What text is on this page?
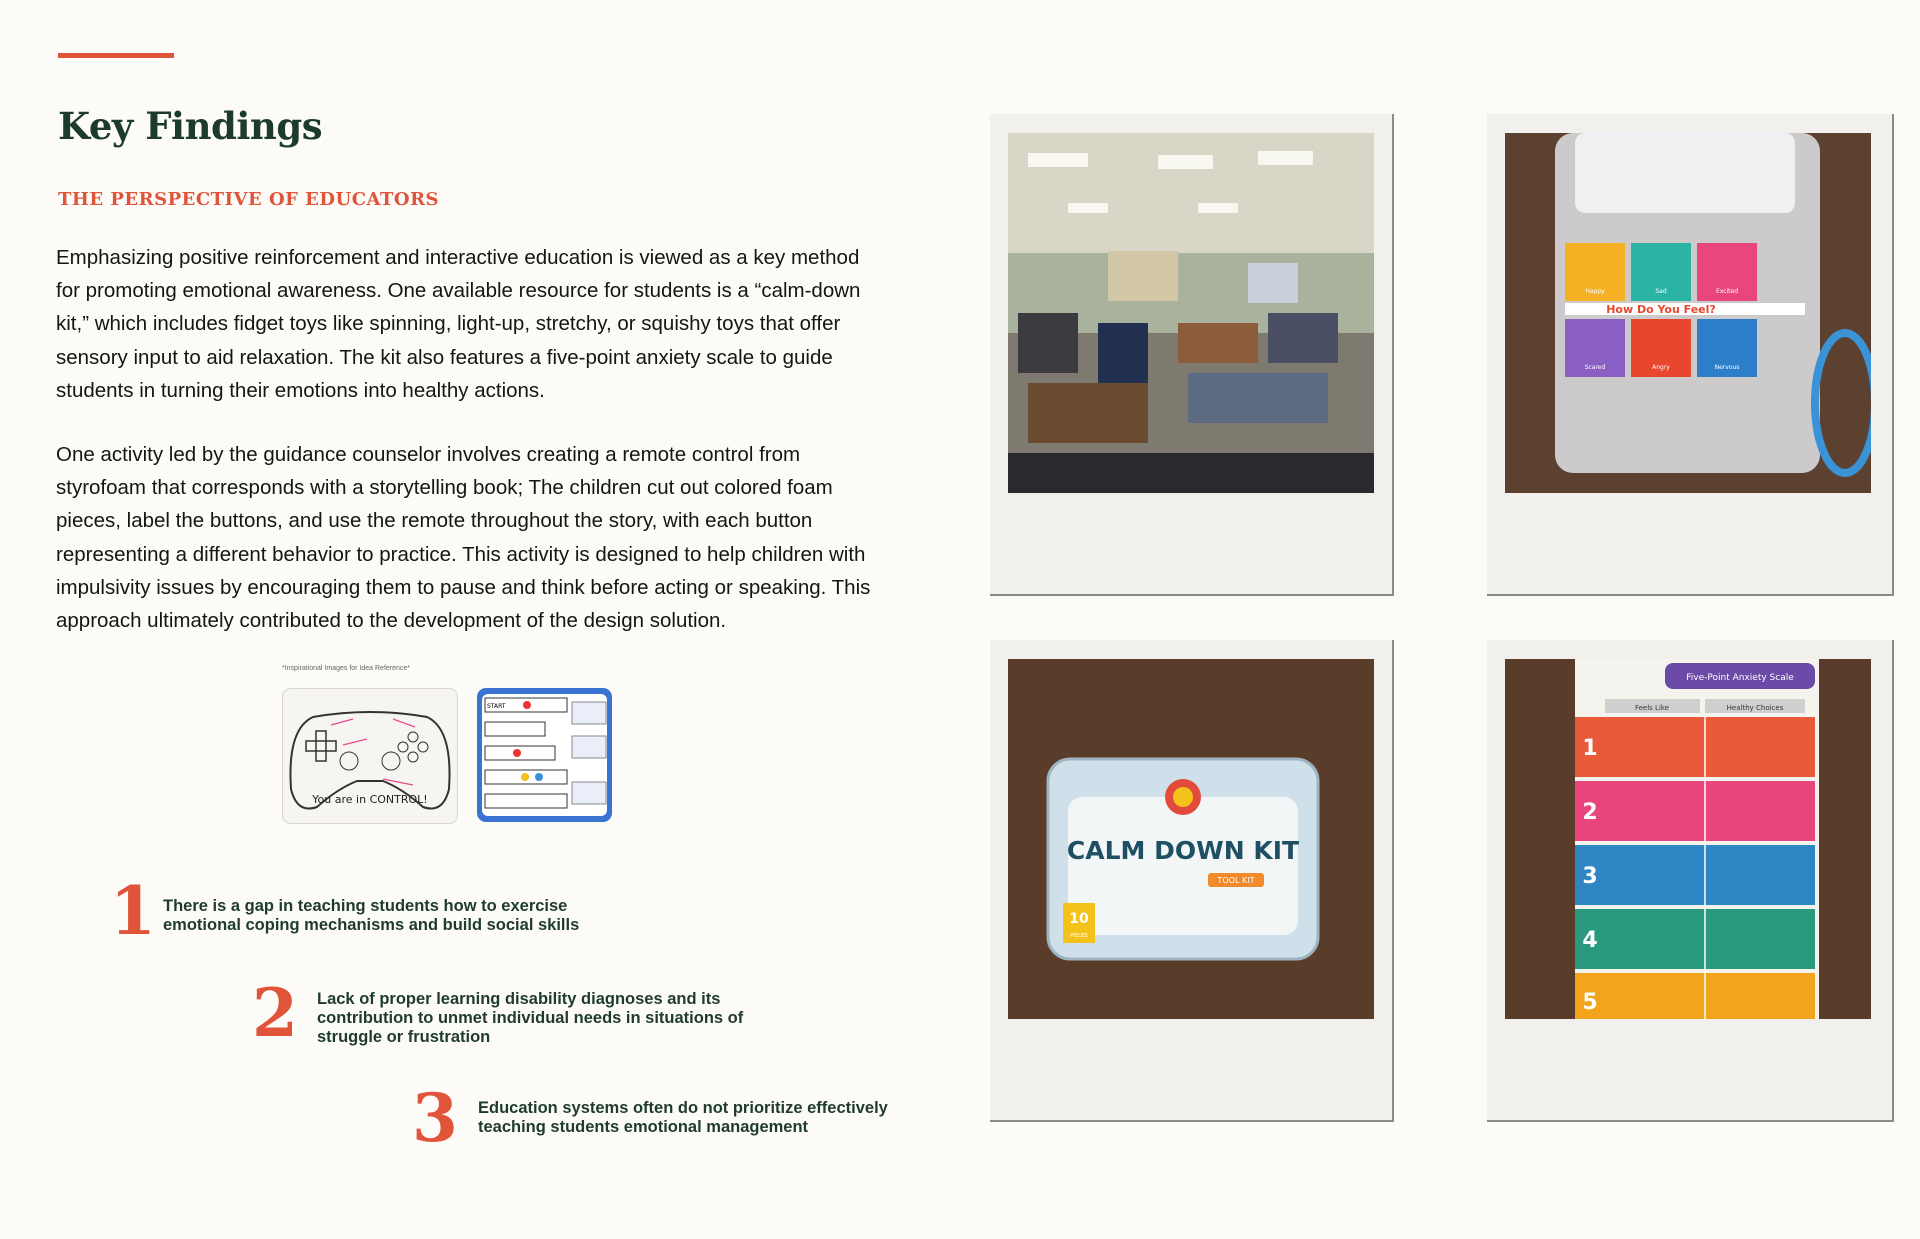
Key Findings
THE PERSPECTIVE OF EDUCATORS

Emphasizing positive reinforcement and interactive education is viewed as a key method for promoting emotional awareness. One available resource for students is a “calm-down kit,” which includes fidget toys like spinning, light-up, stretchy, or squishy toys that offer sensory input to aid relaxation. The kit also features a five-point anxiety scale to guide students in turning their emotions into healthy actions.

One activity led by the guidance counselor involves creating a remote control from styrofoam that corresponds with a storytelling book; The children cut out colored foam pieces, label the buttons, and use the remote throughout the story, with each button representing a different behavior to practice. This activity is designed to help children with impulsivity issues by encouraging them to pause and think before acting or speaking. This approach ultimately contributed to the development of the design solution.

*Inspirational Images for Idea Reference*
You are in CONTROL!
START
1 There is a gap in teaching students how to exercise emotional coping mechanisms and build social skills

2 Lack of proper learning disability diagnoses and its contribution to unmet individual needs in situations of struggle or frustration

3 Education systems often do not prioritize effectively teaching students emotional management

How Do You Feel?
Happy	Sad	Excited
Scared	Angry	Nervous
CALM DOWN KIT
TOOL KIT
10
PIECES
Five-Point Anxiety Scale
Feels Like	Healthy Choices
1
2
3
4
5
